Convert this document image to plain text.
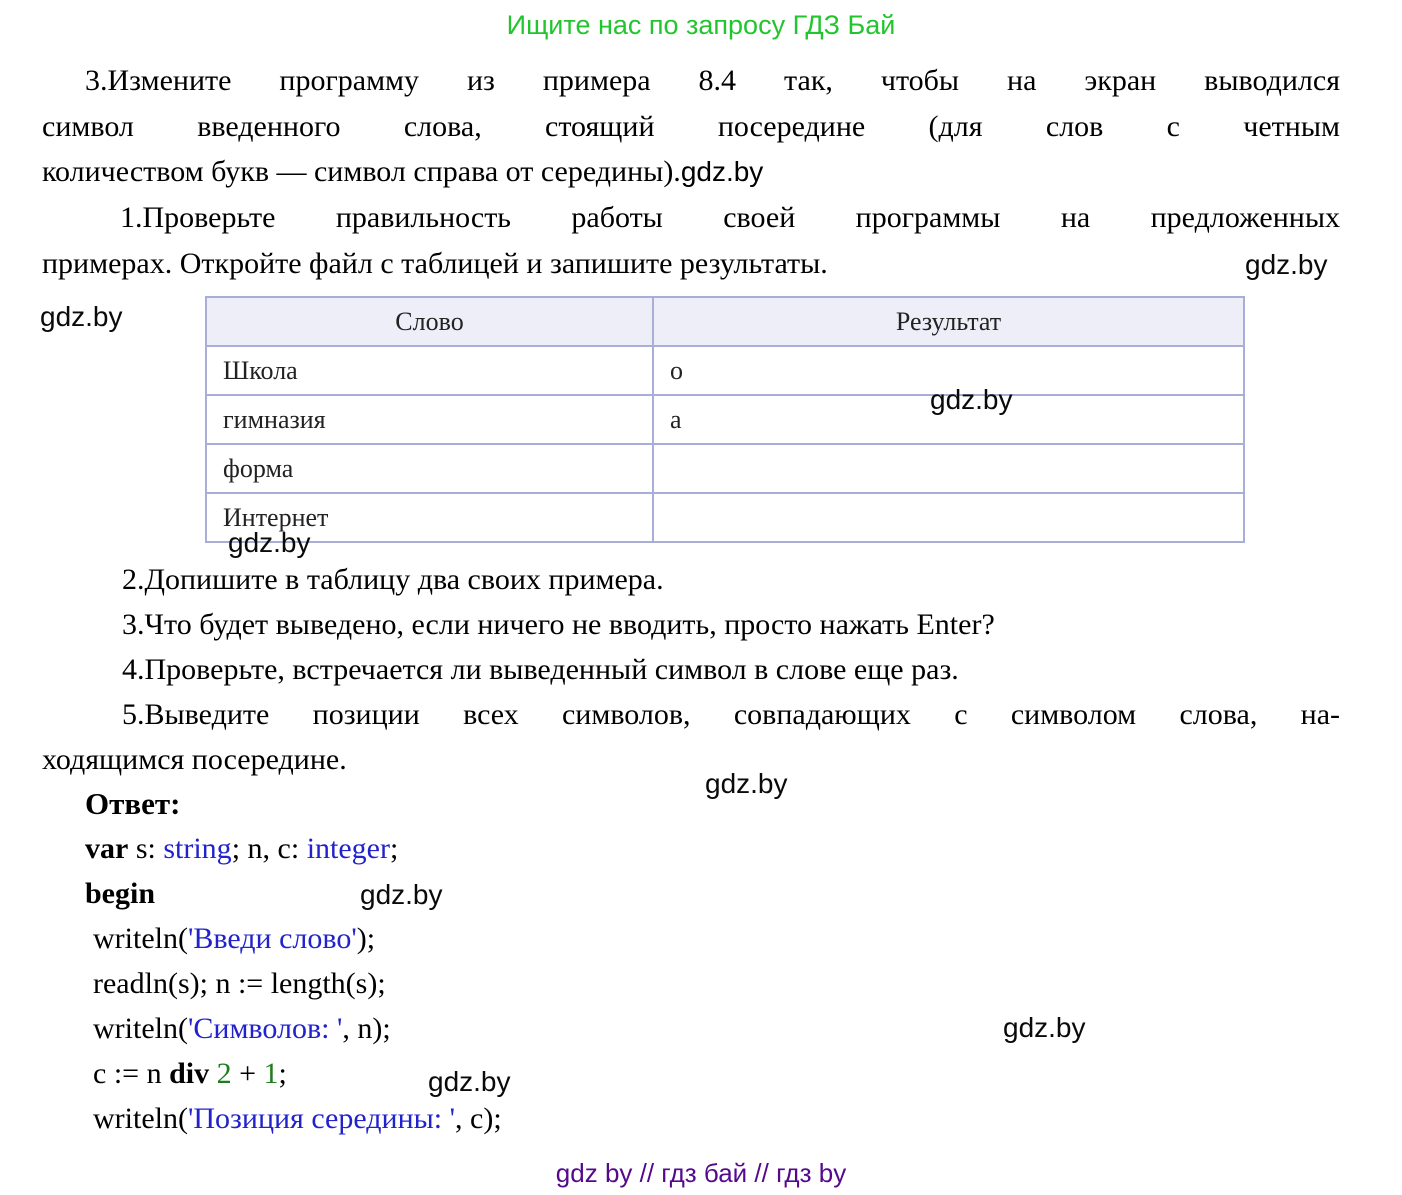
Ищите нас по запросу ГДЗ Бай
3.Измените программу из примера 8.4 так, чтобы на экран выводился
символ введенного слова, стоящий посередине (для слов с четным
количеством букв — символ справа от середины).gdz.by
1.Проверьте правильность работы своей программы на предложенных
примерах. Откройте файл с таблицей и запишите результаты.	gdz.by
gdz.by	Слово	Результат
Школа	о
гимназия	а
форма	
Интернет	
gdz.by
gdz.by
2.Допишите в таблицу два своих примера.
3.Что будет выведено, если ничего не вводить, просто нажать Enter?
4.Проверьте, встречается ли выведенный символ в слове еще раз.
5.Выведите позиции всех символов, совпадающих с символом слова, на-
ходящимся посередине.
gdz.by
Ответ:
var s: string; n, c: integer;
begin	gdz.by
writeln('Введи слово');
readln(s); n := length(s);
writeln('Символов: ', n);	gdz.by
c := n div 2 + 1;	gdz.by
writeln('Позиция середины: ', c);
gdz by // гдз бай // гдз by
